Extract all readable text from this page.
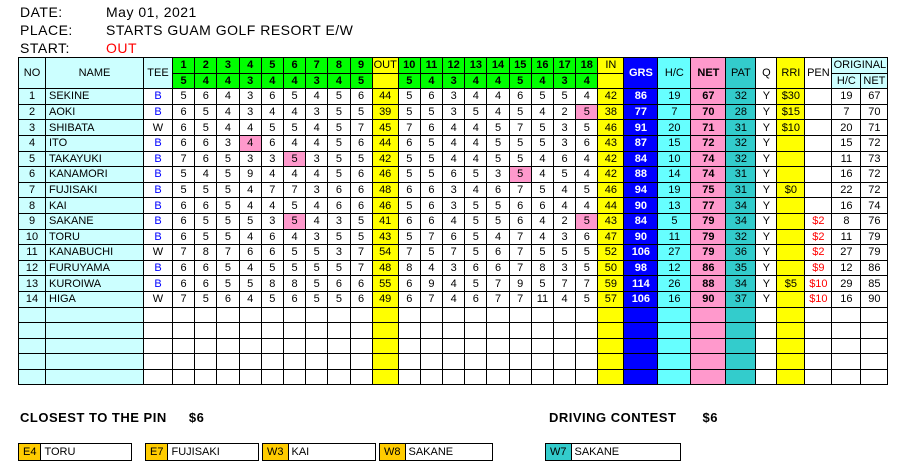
DATE:	May 01, 2021
PLACE: STARTS GUAM GOLF RESORT E/W
START:	OUT
NO	NAME	TEE	1	2	3	4	5	6	7	8	9	OUT	10	11	12	13	14	15	16	17	18	IN	GRS	H/C	NET	PAT	Q	RRI	PEN	ORIGINAL	
			5	4	4	3	4	4	3	4	5		5	4	3	4	4	5	4	3	4									H/C	NET
1	SEKINE	B	5	6	4	3	6	5	4	5	6	44	5	6	3	4	4	6	5	5	4	42	86	19	67	32	Y	$30		19	67
2	AOKI	B	6	5	4	3	4	4	3	5	5	39	5	5	3	5	4	5	4	2	5	38	77	7	70	28	Y	$15		7	70
3	SHIBATA	W	6	5	4	4	5	5	4	5	7	45	7	6	4	4	5	7	5	3	5	46	91	20	71	31	Y	$10		20	71
4	ITO	B	6	6	3	4	6	4	4	5	6	44	6	5	4	4	5	5	5	3	6	43	87	15	72	32	Y			15	72
5	TAKAYUKI	B	7	6	5	3	3	5	3	5	5	42	5	5	4	4	5	5	4	6	4	42	84	10	74	32	Y			11	73
6	KANAMORI	B	5	4	5	9	4	4	4	5	6	46	5	5	6	5	3	5	4	5	4	42	88	14	74	31	Y			16	72
7	FUJISAKI	B	5	5	5	4	7	7	3	6	6	48	6	6	3	4	6	7	5	4	5	46	94	19	75	31	Y	$0		22	72
8	KAI	B	6	6	5	4	4	5	4	6	6	46	5	6	3	5	5	6	6	4	4	44	90	13	77	34	Y			16	74
9	SAKANE	B	6	5	5	5	3	5	4	3	5	41	6	6	4	5	5	6	4	2	5	43	84	5	79	34	Y		$2	8	76
10	TORU	B	6	5	5	4	6	4	3	5	5	43	5	7	6	5	4	7	4	3	6	47	90	11	79	32	Y		$2	11	79
11	KANABUCHI	W	7	8	7	6	6	5	5	3	7	54	7	5	7	5	6	7	5	5	5	52	106	27	79	36	Y		$2	27	79
12	FURUYAMA	B	6	6	5	4	5	5	5	5	7	48	8	4	3	6	6	7	8	3	5	50	98	12	86	35	Y		$9	12	86
13	KUROIWA	B	6	6	5	5	8	8	5	6	6	55	6	9	4	5	7	9	5	7	7	59	114	26	88	34	Y	$5	$10	29	85
14	HIGA	W	7	5	6	4	5	6	5	5	6	49	6	7	4	6	7	7	11	4	5	57	106	16	90	37	Y		$10	16	90

CLOSEST TO THE PIN $6	DRIVING CONTEST $6
E4 TORU	E7 FUJISAKI	W3 KAI	W8 SAKANE	W7 SAKANE
